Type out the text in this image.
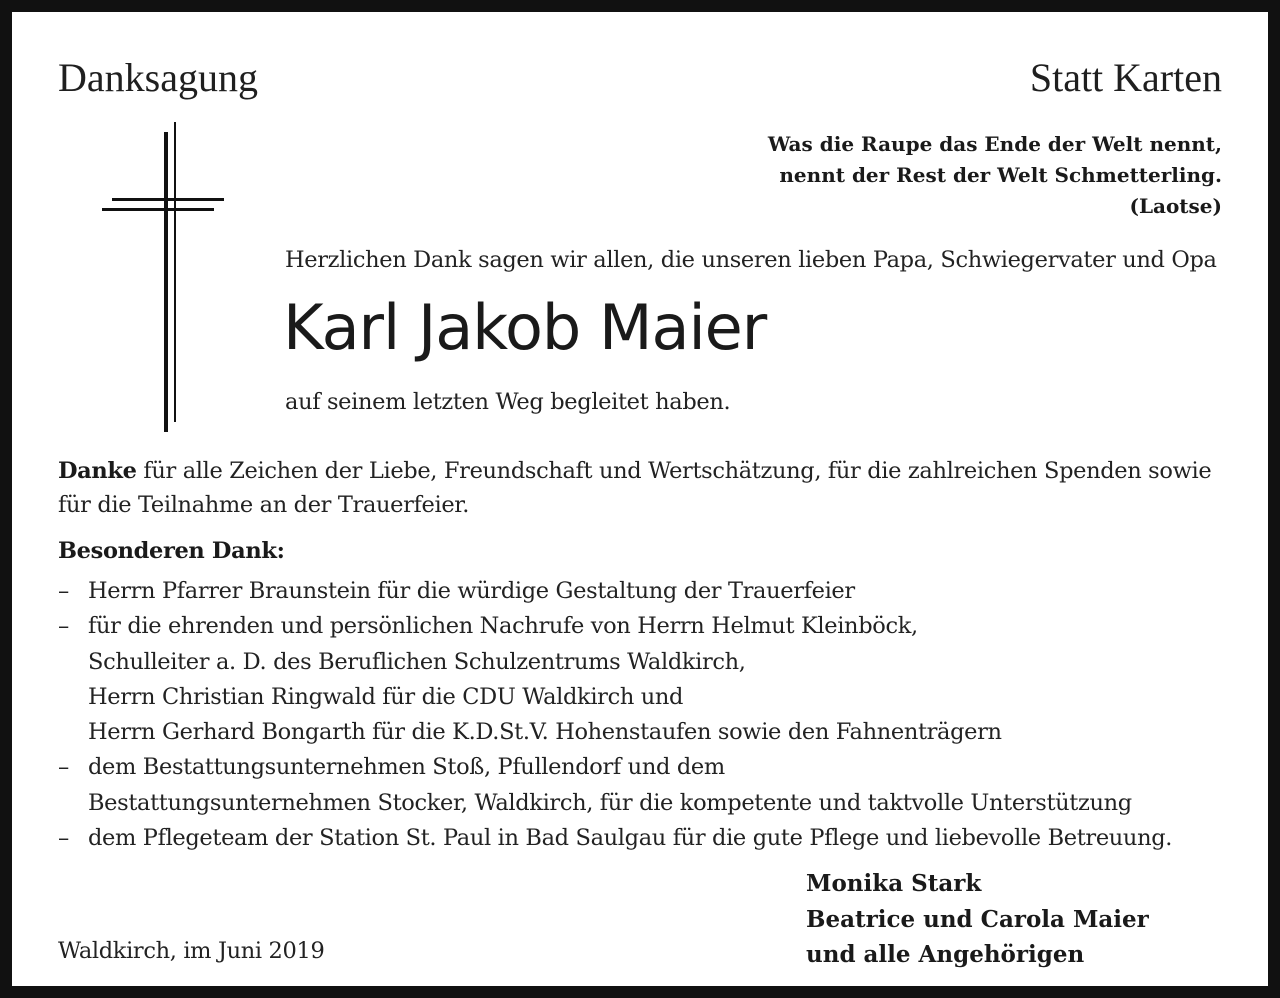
Danksagung	Statt Karten
Was die Raupe das Ende der Welt nennt,
nennt der Rest der Welt Schmetterling.
(Laotse)
Herzlichen Dank sagen wir allen, die unseren lieben Papa, Schwiegervater und Opa
Karl Jakob Maier
auf seinem letzten Weg begleitet haben.
Danke für alle Zeichen der Liebe, Freundschaft und Wertschätzung, für die zahlreichen Spenden sowie
für die Teilnahme an der Trauerfeier.
Besonderen Dank:
– Herrn Pfarrer Braunstein für die würdige Gestaltung der Trauerfeier
– für die ehrenden und persönlichen Nachrufe von Herrn Helmut Kleinböck,
Schulleiter a. D. des Beruflichen Schulzentrums Waldkirch,
Herrn Christian Ringwald für die CDU Waldkirch und
Herrn Gerhard Bongarth für die K.D.St.V. Hohenstaufen sowie den Fahnenträgern
– dem Bestattungsunternehmen Stoß, Pfullendorf und dem
Bestattungsunternehmen Stocker, Waldkirch, für die kompetente und taktvolle Unterstützung
– dem Pflegeteam der Station St. Paul in Bad Saulgau für die gute Pflege und liebevolle Betreuung.
Waldkirch, im Juni 2019
Monika Stark
Beatrice und Carola Maier
und alle Angehörigen
